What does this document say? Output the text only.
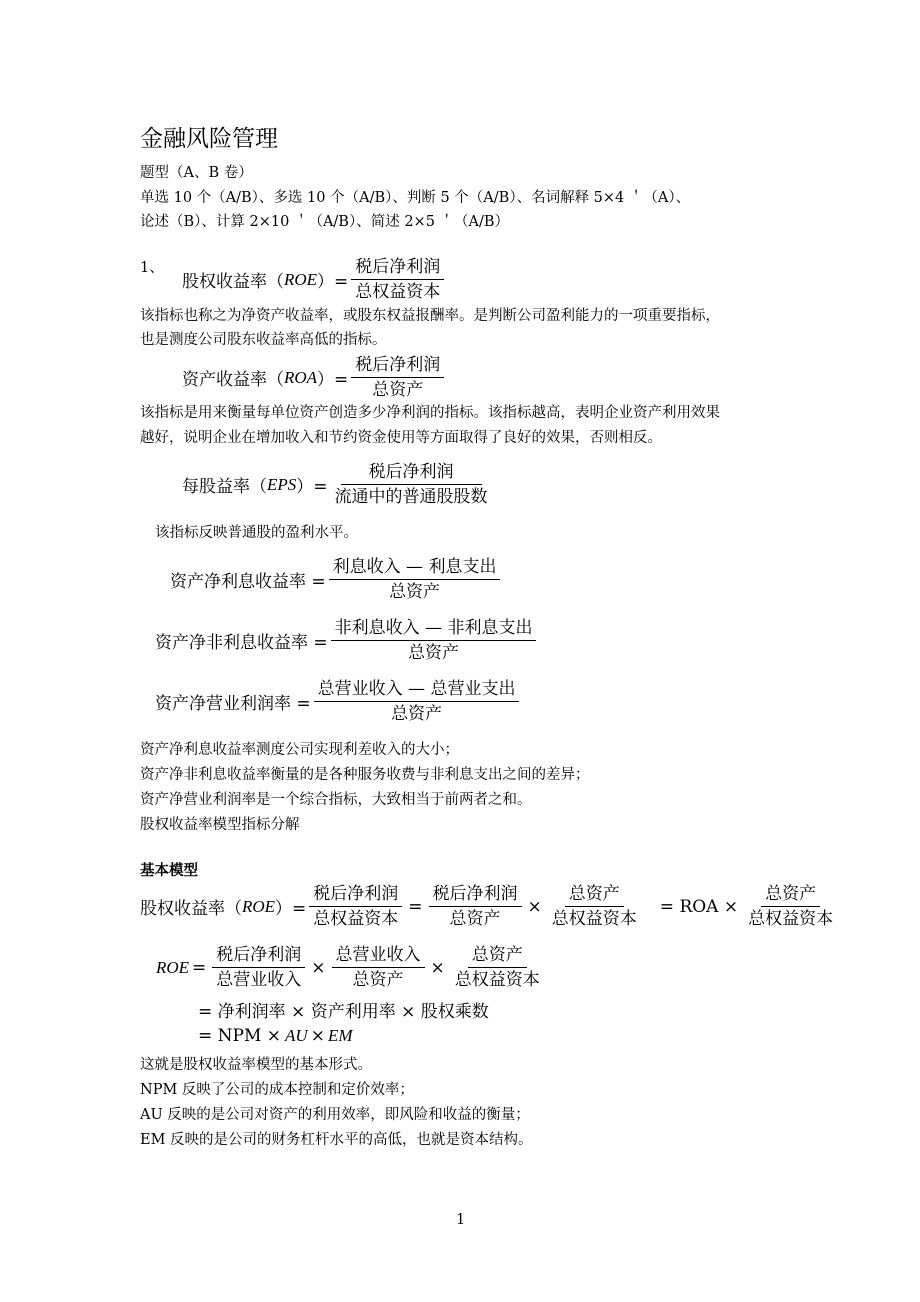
金融风险管理
题型（A、B 卷）
单选 10 个（A/B）、多选 10 个（A/B）、判断 5 个（A/B）、名词解释 5×4 ＇（A）、
论述（B）、计算 2×10 ＇（A/B）、简述 2×5 ＇（A/B）
1、
股权收益率（ ROE ）= $\frac{\text{税后净利润}}{\text{总权益资本}}$
该指标也称之为净资产收益率，或股东权益报酬率。是判断公司盈利能力的一项重要指标，
也是测度公司股东收益率高低的指标。
资产收益率（ ROA ）= $\frac{\text{税后净利润}}{\text{总资产}}$
该指标是用来衡量每单位资产创造多少净利润的指标。该指标越高，表明企业资产利用效果
越好，说明企业在增加收入和节约资金使用等方面取得了良好的效果，否则相反。
每股益率（ EPS ）= $\frac{\text{税后净利润}}{\text{流通中的普通股股数}}$
该指标反映普通股的盈利水平。
资产净利息收益率 = $\frac{\text{利息收入 — 利息支出}}{\text{总资产}}$
资产净非利息收益率 = $\frac{\text{非利息收入 — 非利息支出}}{\text{总资产}}$
资产净营业利润率 = $\frac{\text{总营业收入 — 总营业支出}}{\text{总资产}}$
资产净利息收益率测度公司实现利差收入的大小；
资产净非利息收益率衡量的是各种服务收费与非利息支出之间的差异；
资产净营业利润率是一个综合指标，大致相当于前两者之和。
股权收益率模型指标分解
基本模型
股权收益率（ ROE ）= $\frac{\text{税后净利润}}{\text{总权益资本}} = \frac{\text{税后净利润}}{\text{总资产}} \times \frac{\text{总资产}}{\text{总权益资本}}$ = ROA × $\frac{\text{总资产}}{\text{总权益资本}}$
ROE = $\frac{\text{税后净利润}}{\text{总营业收入}} \times \frac{\text{总营业收入}}{\text{总资产}} \times \frac{\text{总资产}}{\text{总权益资本}}$
= 净利润率 × 资产利用率 × 股权乘数
= NPM × AU × EM
这就是股权收益率模型的基本形式。
NPM 反映了公司的成本控制和定价效率；
AU 反映的是公司对资产的利用效率，即风险和收益的衡量；
EM 反映的是公司的财务杠杆水平的高低，也就是资本结构。
1
